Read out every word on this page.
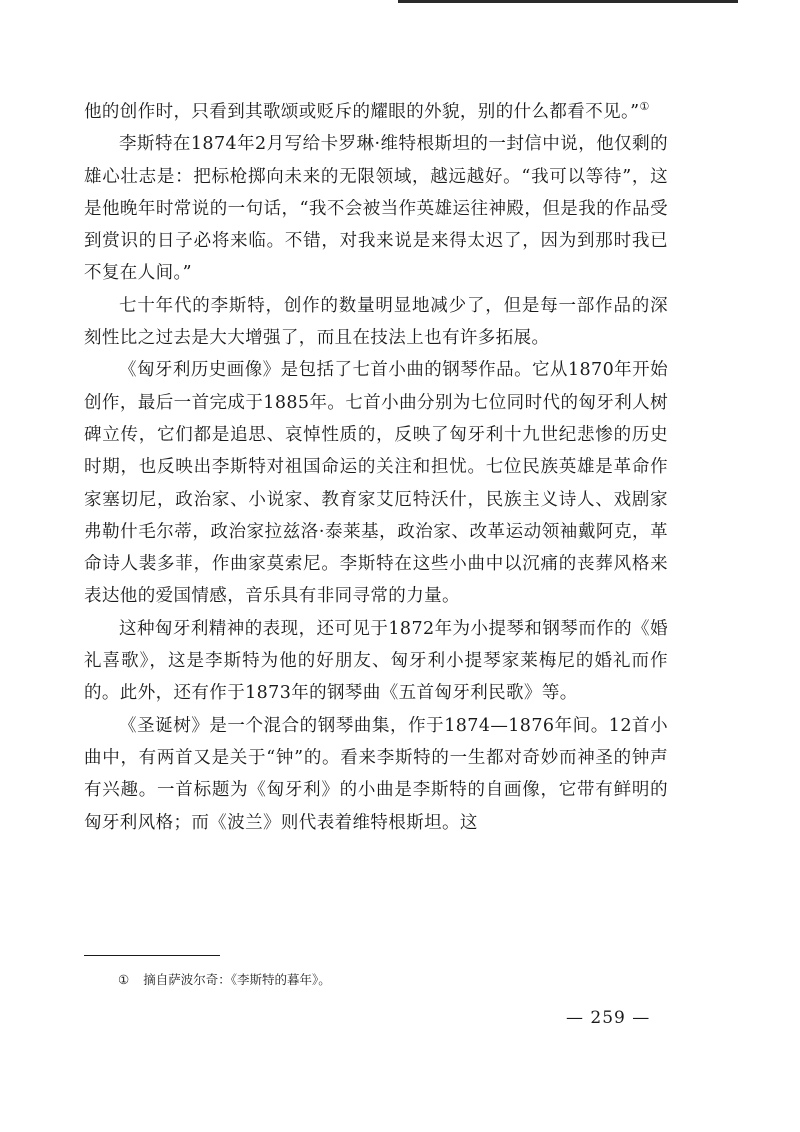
他的创作时，只看到其歌颂或贬斥的耀眼的外貌，别的什么都看不见。”①

李斯特在1874年2月写给卡罗琳·维特根斯坦的一封信中说，他仅剩的雄心壮志是：把标枪掷向未来的无限领域，越远越好。“我可以等待”，这是他晚年时常说的一句话，“我不会被当作英雄运往神殿，但是我的作品受到赏识的日子必将来临。不错，对我来说是来得太迟了，因为到那时我已不复在人间。”

七十年代的李斯特，创作的数量明显地减少了，但是每一部作品的深刻性比之过去是大大增强了，而且在技法上也有许多拓展。

《匈牙利历史画像》是包括了七首小曲的钢琴作品。它从1870年开始创作，最后一首完成于1885年。七首小曲分别为七位同时代的匈牙利人树碑立传，它们都是追思、哀悼性质的，反映了匈牙利十九世纪悲惨的历史时期，也反映出李斯特对祖国命运的关注和担忧。七位民族英雄是革命作家塞切尼，政治家、小说家、教育家艾厄特沃什，民族主义诗人、戏剧家弗勒什毛尔蒂，政治家拉兹洛·泰莱基，政治家、改革运动领袖戴阿克，革命诗人裴多菲，作曲家莫索尼。李斯特在这些小曲中以沉痛的丧葬风格来表达他的爱国情感，音乐具有非同寻常的力量。

这种匈牙利精神的表现，还可见于1872年为小提琴和钢琴而作的《婚礼喜歌》，这是李斯特为他的好朋友、匈牙利小提琴家莱梅尼的婚礼而作的。此外，还有作于1873年的钢琴曲《五首匈牙利民歌》等。

《圣诞树》是一个混合的钢琴曲集，作于1874—1876年间。12首小曲中，有两首又是关于“钟”的。看来李斯特的一生都对奇妙而神圣的钟声有兴趣。一首标题为《匈牙利》的小曲是李斯特的自画像，它带有鲜明的匈牙利风格；而《波兰》则代表着维特根斯坦。这

① 摘自萨波尔奇：《李斯特的暮年》。
— 259 —
